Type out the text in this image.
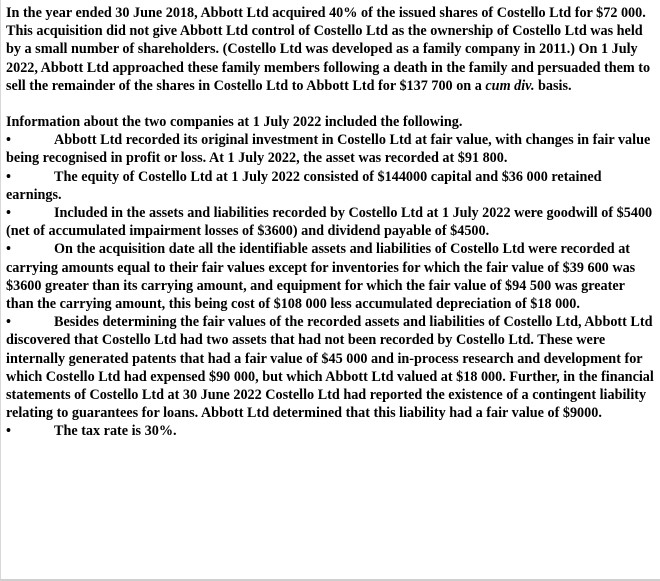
In the year ended 30 June 2018, Abbott Ltd acquired 40% of the issued shares of Costello Ltd for $72 000. This acquisition did not give Abbott Ltd control of Costello Ltd as the ownership of Costello Ltd was held by a small number of shareholders. (Costello Ltd was developed as a family company in 2011.) On 1 July 2022, Abbott Ltd approached these family members following a death in the family and persuaded them to sell the remainder of the shares in Costello Ltd to Abbott Ltd for $137 700 on a cum div. basis.

Information about the two companies at 1 July 2022 included the following.

•	Abbott Ltd recorded its original investment in Costello Ltd at fair value, with changes in fair value being recognised in profit or loss. At 1 July 2022, the asset was recorded at $91 800.
•	The equity of Costello Ltd at 1 July 2022 consisted of $144000 capital and $36 000 retained earnings.
•	Included in the assets and liabilities recorded by Costello Ltd at 1 July 2022 were goodwill of $5400 (net of accumulated impairment losses of $3600) and dividend payable of $4500.
•	On the acquisition date all the identifiable assets and liabilities of Costello Ltd were recorded at carrying amounts equal to their fair values except for inventories for which the fair value of $39 600 was $3600 greater than its carrying amount, and equipment for which the fair value of $94 500 was greater than the carrying amount, this being cost of $108 000 less accumulated depreciation of $18 000.
•	Besides determining the fair values of the recorded assets and liabilities of Costello Ltd, Abbott Ltd discovered that Costello Ltd had two assets that had not been recorded by Costello Ltd. These were internally generated patents that had a fair value of $45 000 and in-process research and development for which Costello Ltd had expensed $90 000, but which Abbott Ltd valued at $18 000. Further, in the financial statements of Costello Ltd at 30 June 2022 Costello Ltd had reported the existence of a contingent liability relating to guarantees for loans. Abbott Ltd determined that this liability had a fair value of $9000.
•	The tax rate is 30%.
